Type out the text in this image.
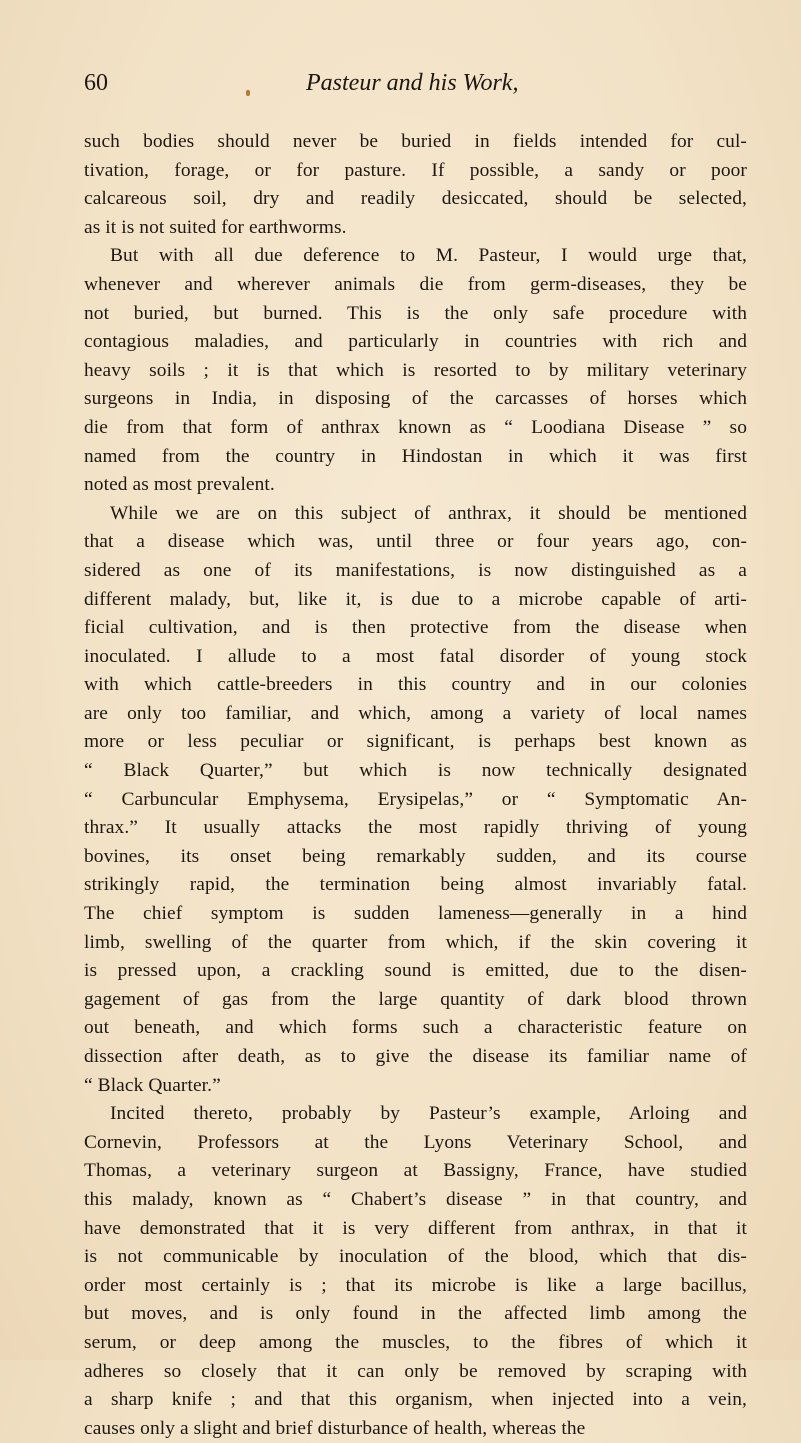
60	Pasteur and his Work,
such bodies should never be buried in fields intended for cul-
tivation, forage, or for pasture. If possible, a sandy or poor
calcareous soil, dry and readily desiccated, should be selected,
as it is not suited for earthworms.
But with all due deference to M. Pasteur, I would urge that,
whenever and wherever animals die from germ-diseases, they be
not buried, but burned. This is the only safe procedure with
contagious maladies, and particularly in countries with rich and
heavy soils ; it is that which is resorted to by military veterinary
surgeons in India, in disposing of the carcasses of horses which
die from that form of anthrax known as “ Loodiana Disease ” so
named from the country in Hindostan in which it was first
noted as most prevalent.
While we are on this subject of anthrax, it should be mentioned
that a disease which was, until three or four years ago, con-
sidered as one of its manifestations, is now distinguished as a
different malady, but, like it, is due to a microbe capable of arti-
ficial cultivation, and is then protective from the disease when
inoculated. I allude to a most fatal disorder of young stock
with which cattle-breeders in this country and in our colonies
are only too familiar, and which, among a variety of local names
more or less peculiar or significant, is perhaps best known as
“ Black Quarter,” but which is now technically designated
“ Carbuncular Emphysema, Erysipelas,” or “ Symptomatic An-
thrax.” It usually attacks the most rapidly thriving of young
bovines, its onset being remarkably sudden, and its course
strikingly rapid, the termination being almost invariably fatal.
The chief symptom is sudden lameness—generally in a hind
limb, swelling of the quarter from which, if the skin covering it
is pressed upon, a crackling sound is emitted, due to the disen-
gagement of gas from the large quantity of dark blood thrown
out beneath, and which forms such a characteristic feature on
dissection after death, as to give the disease its familiar name of
“ Black Quarter.”
Incited thereto, probably by Pasteur’s example, Arloing and
Cornevin, Professors at the Lyons Veterinary School, and
Thomas, a veterinary surgeon at Bassigny, France, have studied
this malady, known as “ Chabert’s disease ” in that country, and
have demonstrated that it is very different from anthrax, in that it
is not communicable by inoculation of the blood, which that dis-
order most certainly is ; that its microbe is like a large bacillus,
but moves, and is only found in the affected limb among the
serum, or deep among the muscles, to the fibres of which it
adheres so closely that it can only be removed by scraping with
a sharp knife ; and that this organism, when injected into a vein,
causes only a slight and brief disturbance of health, whereas the
